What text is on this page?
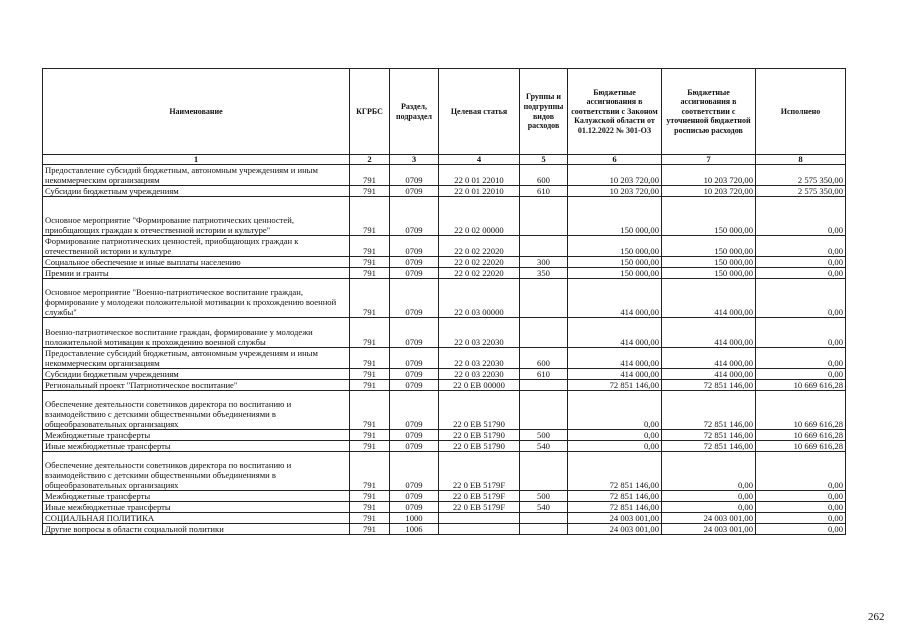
Наименование	КГРБС	Раздел, подраздел	Целевая статья	Группы и подгруппы видов расходов	Бюджетные ассигнования в соответствии с Законом Калужской области от 01.12.2022 № 301-ОЗ	Бюджетные ассигнования в соответствии с уточненной бюджетной росписью расходов	Исполнено
1	2	3	4	5	6	7	8
Предоставление субсидий бюджетным, автономным учреждениям и иным некоммерческим организациям	791	0709	22 0 01 22010	600	10 203 720,00	10 203 720,00	2 575 350,00
Субсидии бюджетным учреждениям	791	0709	22 0 01 22010	610	10 203 720,00	10 203 720,00	2 575 350,00
Основное мероприятие "Формирование патриотических ценностей, приобщающих граждан к отечественной истории и культуре"	791	0709	22 0 02 00000		150 000,00	150 000,00	0,00
Формирование патриотических ценностей, приобщающих граждан к отечественной истории и культуре	791	0709	22 0 02 22020		150 000,00	150 000,00	0,00
Социальное обеспечение и иные выплаты населению	791	0709	22 0 02 22020	300	150 000,00	150 000,00	0,00
Премии и гранты	791	0709	22 0 02 22020	350	150 000,00	150 000,00	0,00
Основное мероприятие "Военно-патриотическое воспитание граждан, формирование у молодежи положительной мотивации к прохождению военной службы"	791	0709	22 0 03 00000		414 000,00	414 000,00	0,00
Военно-патриотическое воспитание граждан, формирование у молодежи положительной мотивации к прохождению военной службы	791	0709	22 0 03 22030		414 000,00	414 000,00	0,00
Предоставление субсидий бюджетным, автономным учреждениям и иным некоммерческим организациям	791	0709	22 0 03 22030	600	414 000,00	414 000,00	0,00
Субсидии бюджетным учреждениям	791	0709	22 0 03 22030	610	414 000,00	414 000,00	0,00
Региональный проект "Патриотическое воспитание"	791	0709	22 0 EB 00000		72 851 146,00	72 851 146,00	10 669 616,28
Обеспечение деятельности советников директора по воспитанию и взаимодействию с детскими общественными объединениями в общеобразовательных организациях	791	0709	22 0 EB 51790		0,00	72 851 146,00	10 669 616,28
Межбюджетные трансферты	791	0709	22 0 EB 51790	500	0,00	72 851 146,00	10 669 616,28
Иные межбюджетные трансферты	791	0709	22 0 EB 51790	540	0,00	72 851 146,00	10 669 616,28
Обеспечение деятельности советников директора по воспитанию и взаимодействию с детскими общественными объединениями в общеобразовательных организациях	791	0709	22 0 EB 5179F		72 851 146,00	0,00	0,00
Межбюджетные трансферты	791	0709	22 0 EB 5179F	500	72 851 146,00	0,00	0,00
Иные межбюджетные трансферты	791	0709	22 0 EB 5179F	540	72 851 146,00	0,00	0,00
СОЦИАЛЬНАЯ ПОЛИТИКА	791	1000			24 003 001,00	24 003 001,00	0,00
Другие вопросы в области социальной политики	791	1006			24 003 001,00	24 003 001,00	0,00
262
